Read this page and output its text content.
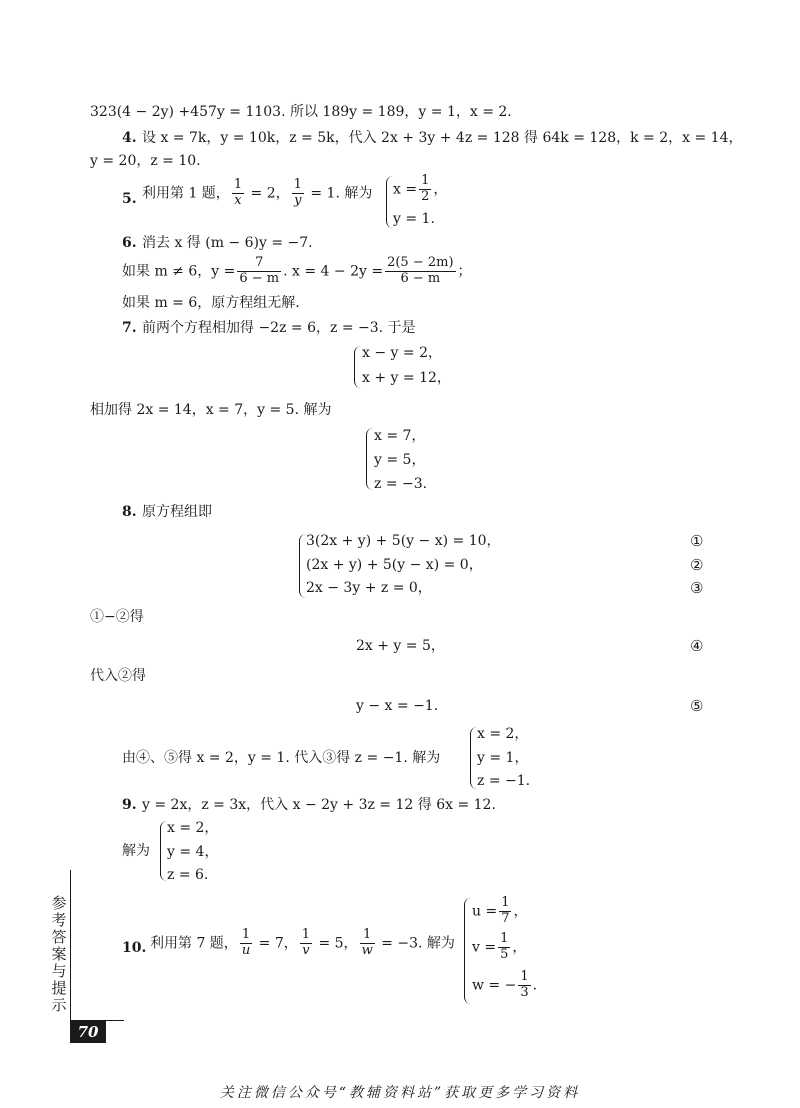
323(4 − 2y) +457y = 1103. 所以 189y = 189，y = 1，x = 2.
4. 设 x = 7k，y = 10k，z = 5k，代入 2x + 3y + 4z = 128 得 64k = 128，k = 2，x = 14，
y = 20，z = 10.
5. 利用第 1 题， $\frac{1}{x} = 2$， $\frac{1}{y} = 1$. 解为 $x = \frac{1}{2}$ ，
y = 1.
6. 消去 x 得 (m − 6)y = −7.
如果 m ≠ 6，$y = \frac{7}{6 - m}$ . $x = 4 - 2y = \frac{2(5 - 2m)}{6 - m}$ ；
如果 m = 6，原方程组无解.
7. 前两个方程相加得 −2z = 6，z = −3. 于是
x − y = 2，
x + y = 12，
相加得 2x = 14，x = 7，y = 5. 解为
x = 7，
y = 5，
z = −3.
8. 原方程组即
3(2x + y) + 5(y − x) = 10，
(2x + y) + 5(y − x) = 0，
2x − 3y + z = 0，
①
②
③
①−②得
2x + y = 5，	④
代入②得
y − x = −1.	⑤
由④、⑤得 x = 2，y = 1. 代入③得 z = −1. 解为
x = 2，
y = 1，
z = −1.
9. y = 2x，z = 3x，代入 x − 2y + 3z = 12 得 6x = 12.
解为
x = 2，
y = 4，
z = 6.
10. 利用第 7 题， $\frac{1}{u} = 7$， $\frac{1}{v} = 5$， $\frac{1}{w} = -3$. 解为
$u = \frac{1}{7}$ ，
$v = \frac{1}{5}$ ，
w = − $\frac{1}{3}$ .
参考答案与提示
70
关注微信公众号“教辅资料站”获取更多学习资料
